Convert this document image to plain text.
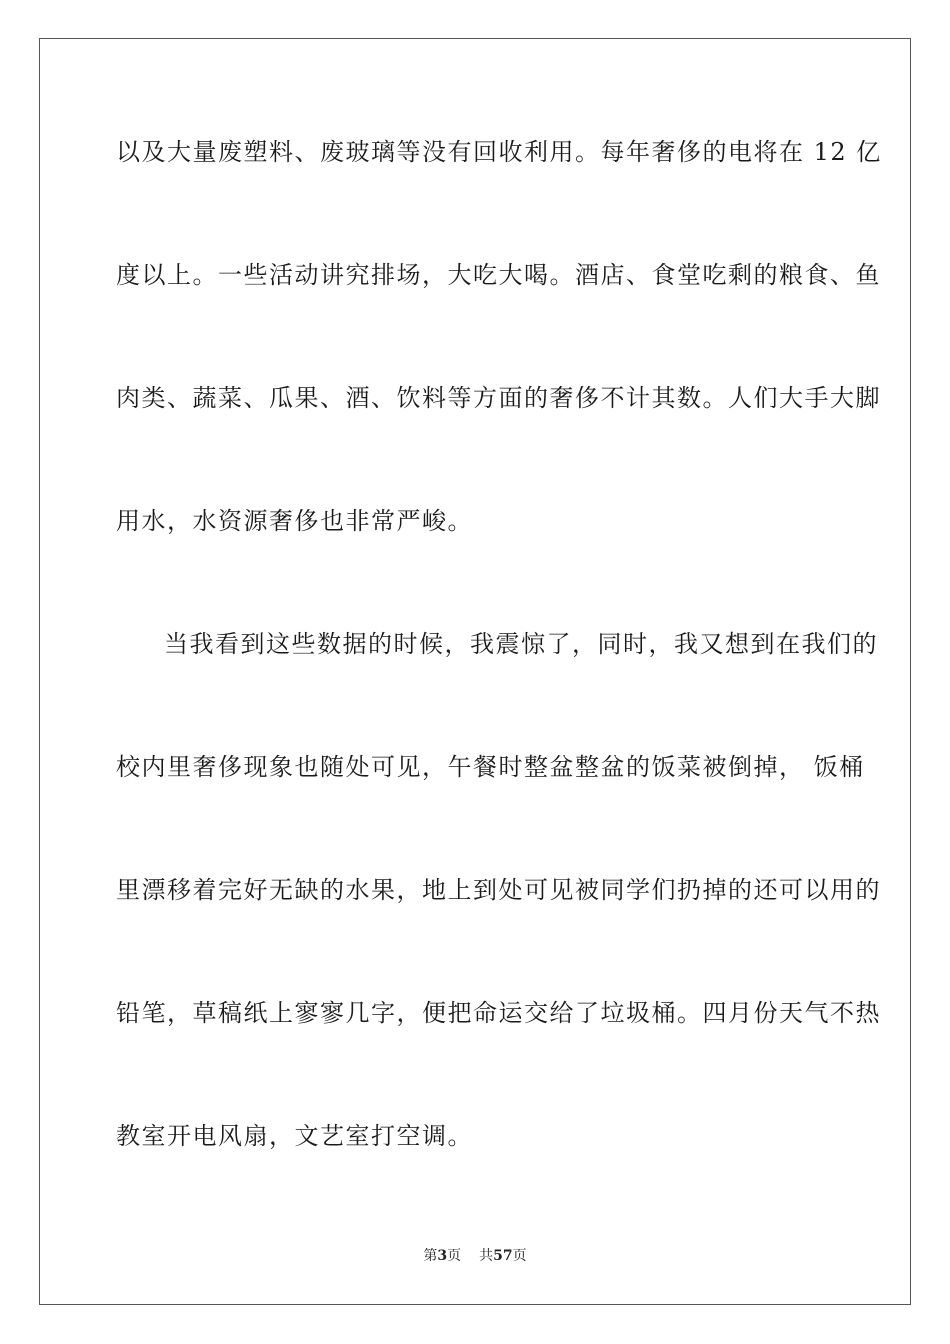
以及大量废塑料、废玻璃等没有回收利用。每年奢侈的电将在 12 亿
度以上。一些活动讲究排场，大吃大喝。酒店、食堂吃剩的粮食、鱼
肉类、蔬菜、瓜果、酒、饮料等方面的奢侈不计其数。人们大手大脚
用水，水资源奢侈也非常严峻。
当我看到这些数据的时候，我震惊了，同时，我又想到在我们的
校内里奢侈现象也随处可见，午餐时整盆整盆的饭菜被倒掉， 饭桶
里漂移着完好无缺的水果，地上到处可见被同学们扔掉的还可以用的
铅笔，草稿纸上寥寥几字，便把命运交给了垃圾桶。四月份天气不热
教室开电风扇，文艺室打空调。
第3页 共57页
